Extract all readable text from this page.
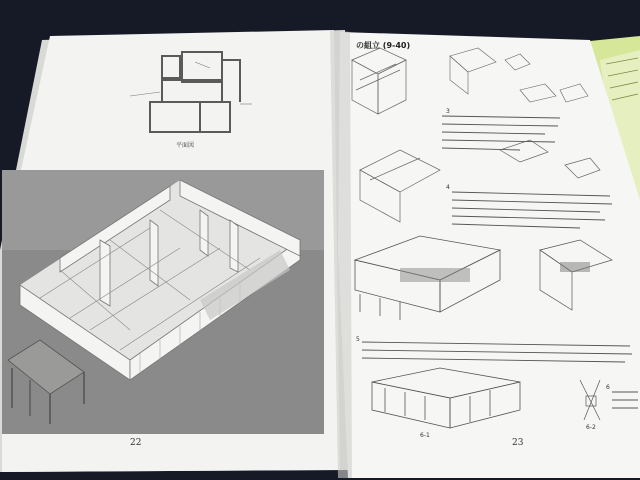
の組立 (9-40)
平面図
22	23
3
4
5
6
6-1
6-2
